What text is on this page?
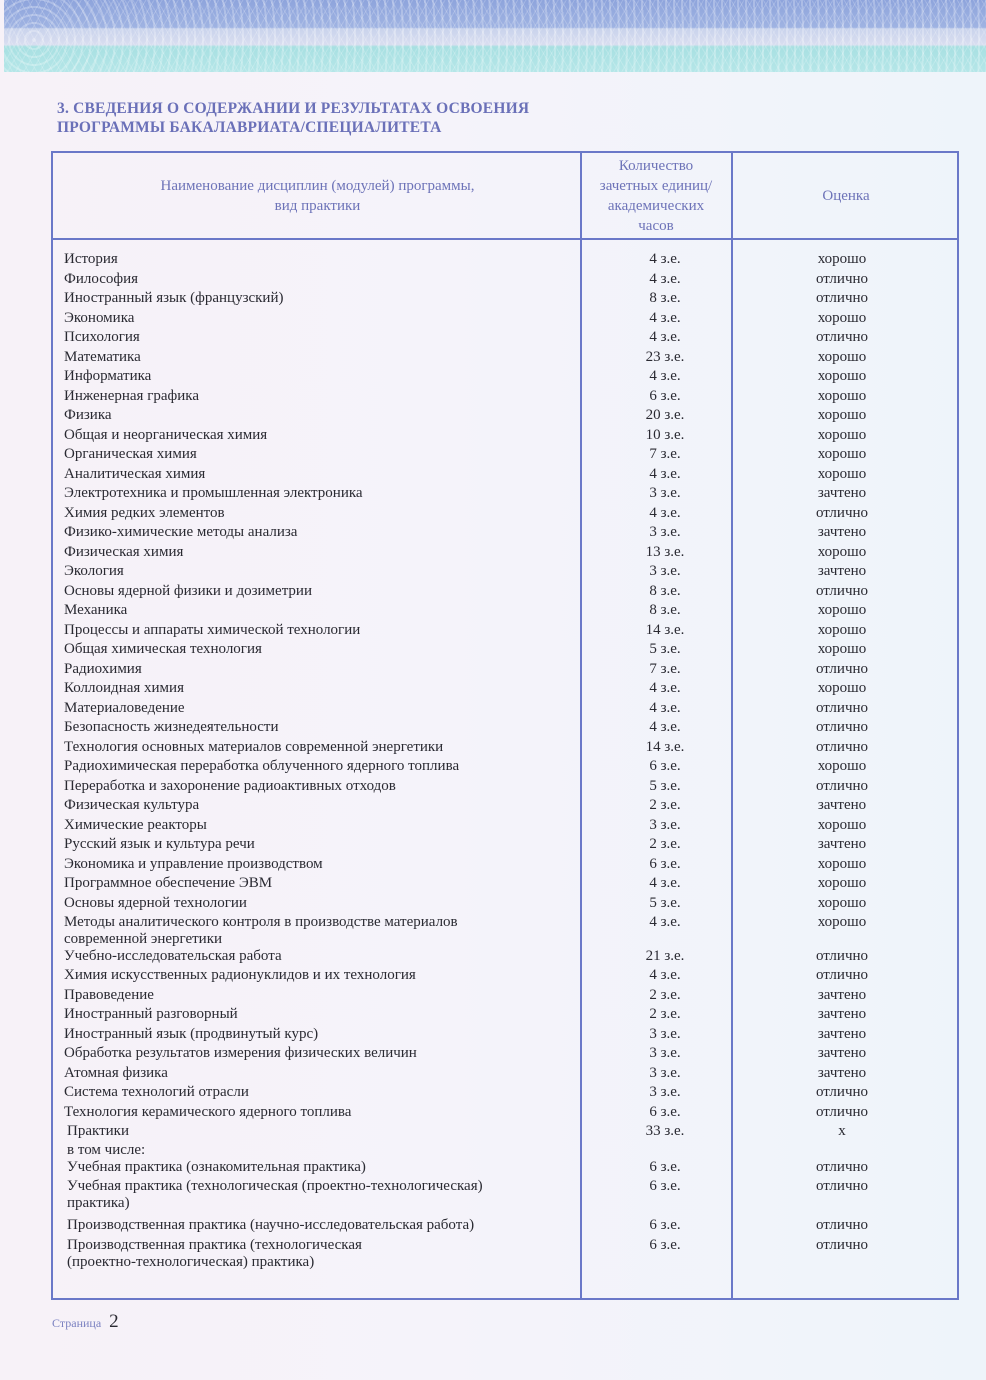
3. СВЕДЕНИЯ О СОДЕРЖАНИИ И РЕЗУЛЬТАТАХ ОСВОЕНИЯ
ПРОГРАММЫ БАКАЛАВРИАТА/СПЕЦИАЛИТЕТА
Наименование дисциплин (модулей) программы,
вид практики
Количество
зачетных единиц/
академических
часов
Оценка
История	4 з.е.	хорошо
Философия	4 з.е.	отлично
Иностранный язык (французский)	8 з.е.	отлично
Экономика	4 з.е.	хорошо
Психология	4 з.е.	отлично
Математика	23 з.е.	хорошо
Информатика	4 з.е.	хорошо
Инженерная графика	6 з.е.	хорошо
Физика	20 з.е.	хорошо
Общая и неорганическая химия	10 з.е.	хорошо
Органическая химия	7 з.е.	хорошо
Аналитическая химия	4 з.е.	хорошо
Электротехника и промышленная электроника	3 з.е.	зачтено
Химия редких элементов	4 з.е.	отлично
Физико-химические методы анализа	3 з.е.	зачтено
Физическая химия	13 з.е.	хорошо
Экология	3 з.е.	зачтено
Основы ядерной физики и дозиметрии	8 з.е.	отлично
Механика	8 з.е.	хорошо
Процессы и аппараты химической технологии	14 з.е.	хорошо
Общая химическая технология	5 з.е.	хорошо
Радиохимия	7 з.е.	отлично
Коллоидная химия	4 з.е.	хорошо
Материаловедение	4 з.е.	отлично
Безопасность жизнедеятельности	4 з.е.	отлично
Технология основных материалов современной энергетики	14 з.е.	отлично
Радиохимическая переработка облученного ядерного топлива	6 з.е.	хорошо
Переработка и захоронение радиоактивных отходов	5 з.е.	отлично
Физическая культура	2 з.е.	зачтено
Химические реакторы	3 з.е.	хорошо
Русский язык и культура речи	2 з.е.	зачтено
Экономика и управление производством	6 з.е.	хорошо
Программное обеспечение ЭВМ	4 з.е.	хорошо
Основы ядерной технологии	5 з.е.	хорошо
Методы аналитического контроля в производстве материалов
современной энергетики
4 з.е.	хорошо
Учебно-исследовательская работа	21 з.е.	отлично
Химия искусственных радионуклидов и их технология	4 з.е.	отлично
Правоведение	2 з.е.	зачтено
Иностранный разговорный	2 з.е.	зачтено
Иностранный язык (продвинутый курс)	3 з.е.	зачтено
Обработка результатов измерения физических величин	3 з.е.	зачтено
Атомная физика	3 з.е.	зачтено
Система технологий отрасли	3 з.е.	отлично
Технология керамического ядерного топлива	6 з.е.	отлично
Практики	33 з.е.	х
в том числе:
Учебная практика (ознакомительная практика)	6 з.е.	отлично
Учебная практика (технологическая (проектно-технологическая)
практика)
6 з.е.	отлично
Производственная практика (научно-исследовательская работа)	6 з.е.	отлично
Производственная практика (технологическая
(проектно-технологическая) практика)
6 з.е.	отлично
Страница 2
